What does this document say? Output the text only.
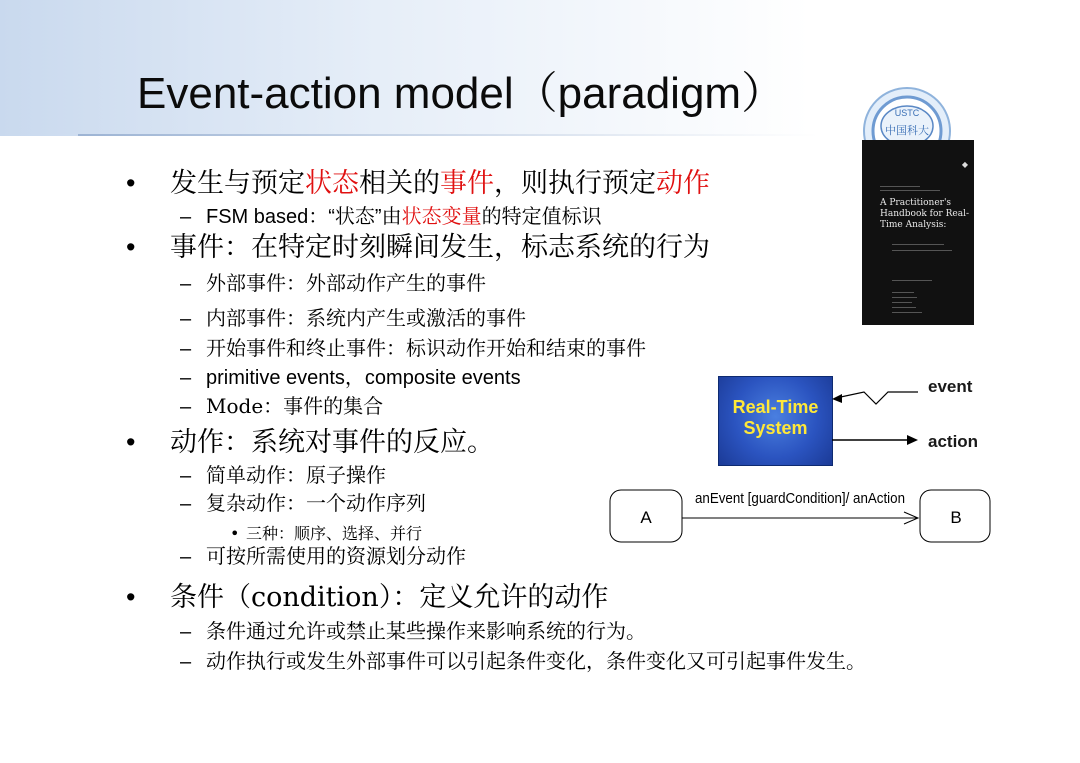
Event-action model（paradigm）	USTC
中国科大
• 发生与预定状态相关的事件，则执行预定动作
– FSM based：“状态”由状态变量的特定值标识
• 事件：在特定时刻瞬间发生，标志系统的行为
– 外部事件：外部动作产生的事件
– 内部事件：系统内产生或激活的事件
– 开始事件和终止事件：标识动作开始和结束的事件
– primitive events，composite events
– Mode：事件的集合
• 动作：系统对事件的反应。
– 简单动作：原子操作
– 复杂动作：一个动作序列
• 三种：顺序、选择、并行
– 可按所需使用的资源划分动作
• 条件（condition）：定义允许的动作
– 条件通过允许或禁止某些操作来影响系统的行为。
– 动作执行或发生外部事件可以引起条件变化，条件变化又可引起事件发生。
◆
A Practitioner's Handbook for Real-Time Analysis:
Real-Time
System
event
action
A	B
anEvent [guardCondition]/ anAction
